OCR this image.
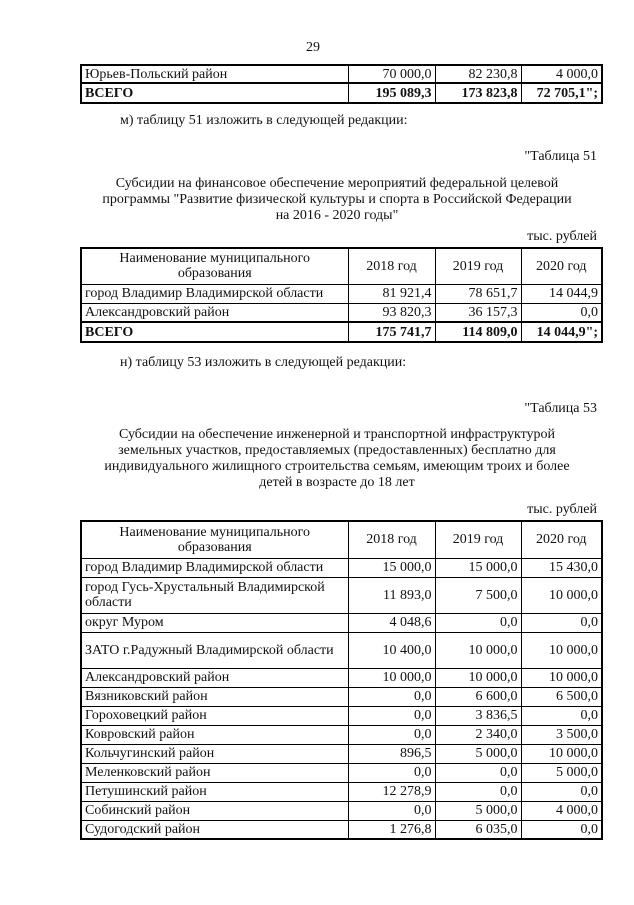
29
Юрьев-Польский район	70 000,0	82 230,8	4 000,0
ВСЕГО	195 089,3	173 823,8	72 705,1";
м) таблицу 51 изложить в следующей редакции:
"Таблица 51
Субсидии на финансовое обеспечение мероприятий федеральной целевой
программы "Развитие физической культуры и спорта в Российской Федерации
на 2016 - 2020 годы"
тыс. рублей
Наименование муниципального
образования	2018 год	2019 год	2020 год
город Владимир Владимирской области	81 921,4	78 651,7	14 044,9
Александровский район	93 820,3	36 157,3	0,0
ВСЕГО	175 741,7	114 809,0	14 044,9";
н) таблицу 53 изложить в следующей редакции:
"Таблица 53
Субсидии на обеспечение инженерной и транспортной инфраструктурой
земельных участков, предоставляемых (предоставленных) бесплатно для
индивидуального жилищного строительства семьям, имеющим троих и более
детей в возрасте до 18 лет
тыс. рублей
Наименование муниципального
образования	2018 год	2019 год	2020 год
город Владимир Владимирской области	15 000,0	15 000,0	15 430,0
город Гусь-Хрустальный Владимирской области	11 893,0	7 500,0	10 000,0
округ Муром	4 048,6	0,0	0,0
ЗАТО г.Радужный Владимирской области	10 400,0	10 000,0	10 000,0
Александровский район	10 000,0	10 000,0	10 000,0
Вязниковский район	0,0	6 600,0	6 500,0
Гороховецкий район	0,0	3 836,5	0,0
Ковровский район	0,0	2 340,0	3 500,0
Кольчугинский район	896,5	5 000,0	10 000,0
Меленковский район	0,0	0,0	5 000,0
Петушинский район	12 278,9	0,0	0,0
Собинский район	0,0	5 000,0	4 000,0
Судогодский район	1 276,8	6 035,0	0,0
